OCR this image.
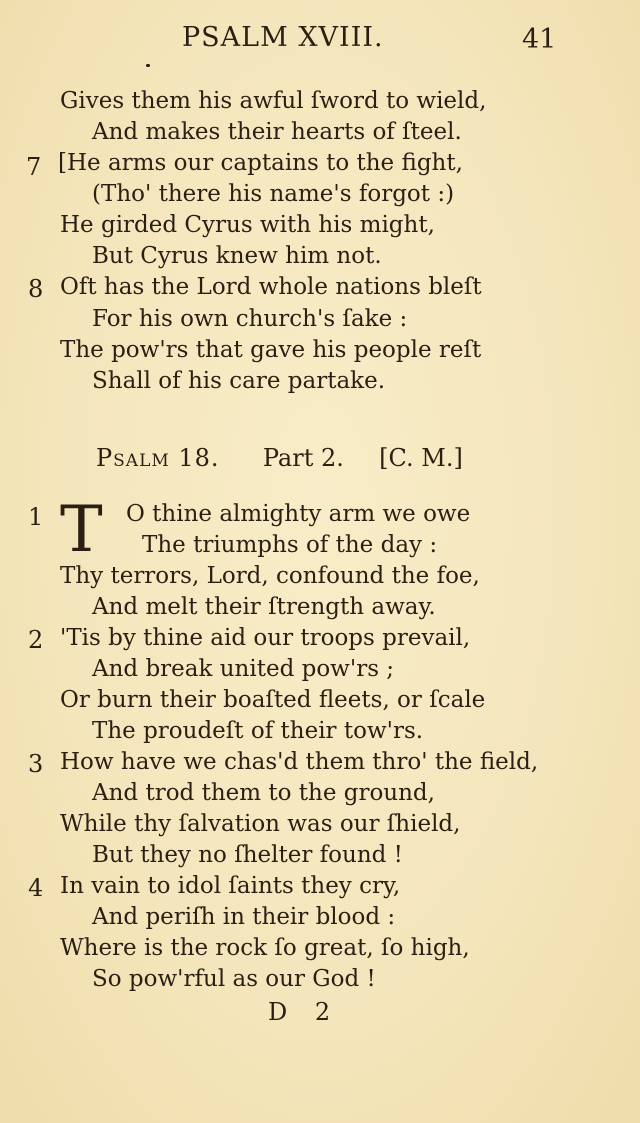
PSALM XVIII.	41
Gives them his awful ſword to wield,
And makes their hearts of ſteel.
7 [He arms our captains to the fight,
(Tho' there his name's forgot :)
He girded Cyrus with his might,
But Cyrus knew him not.
8 Oft has the Lord whole nations bleſt
For his own church's ſake :
The pow'rs that gave his people reſt
Shall of his care partake.
Psalm 18. Part 2. [C. M.]
1 T O thine almighty arm we owe
The triumphs of the day :
Thy terrors, Lord, confound the foe,
And melt their ſtrength away.
2 'Tis by thine aid our troops prevail,
And break united pow'rs ;
Or burn their boaſted fleets, or ſcale
The proudeſt of their tow'rs.
3 How have we chas'd them thro' the field,
And trod them to the ground,
While thy ſalvation was our ſhield,
But they no ſhelter found !
4 In vain to idol ſaints they cry,
And periſh in their blood :
Where is the rock ſo great, ſo high,
So pow'rful as our God !
D 2
